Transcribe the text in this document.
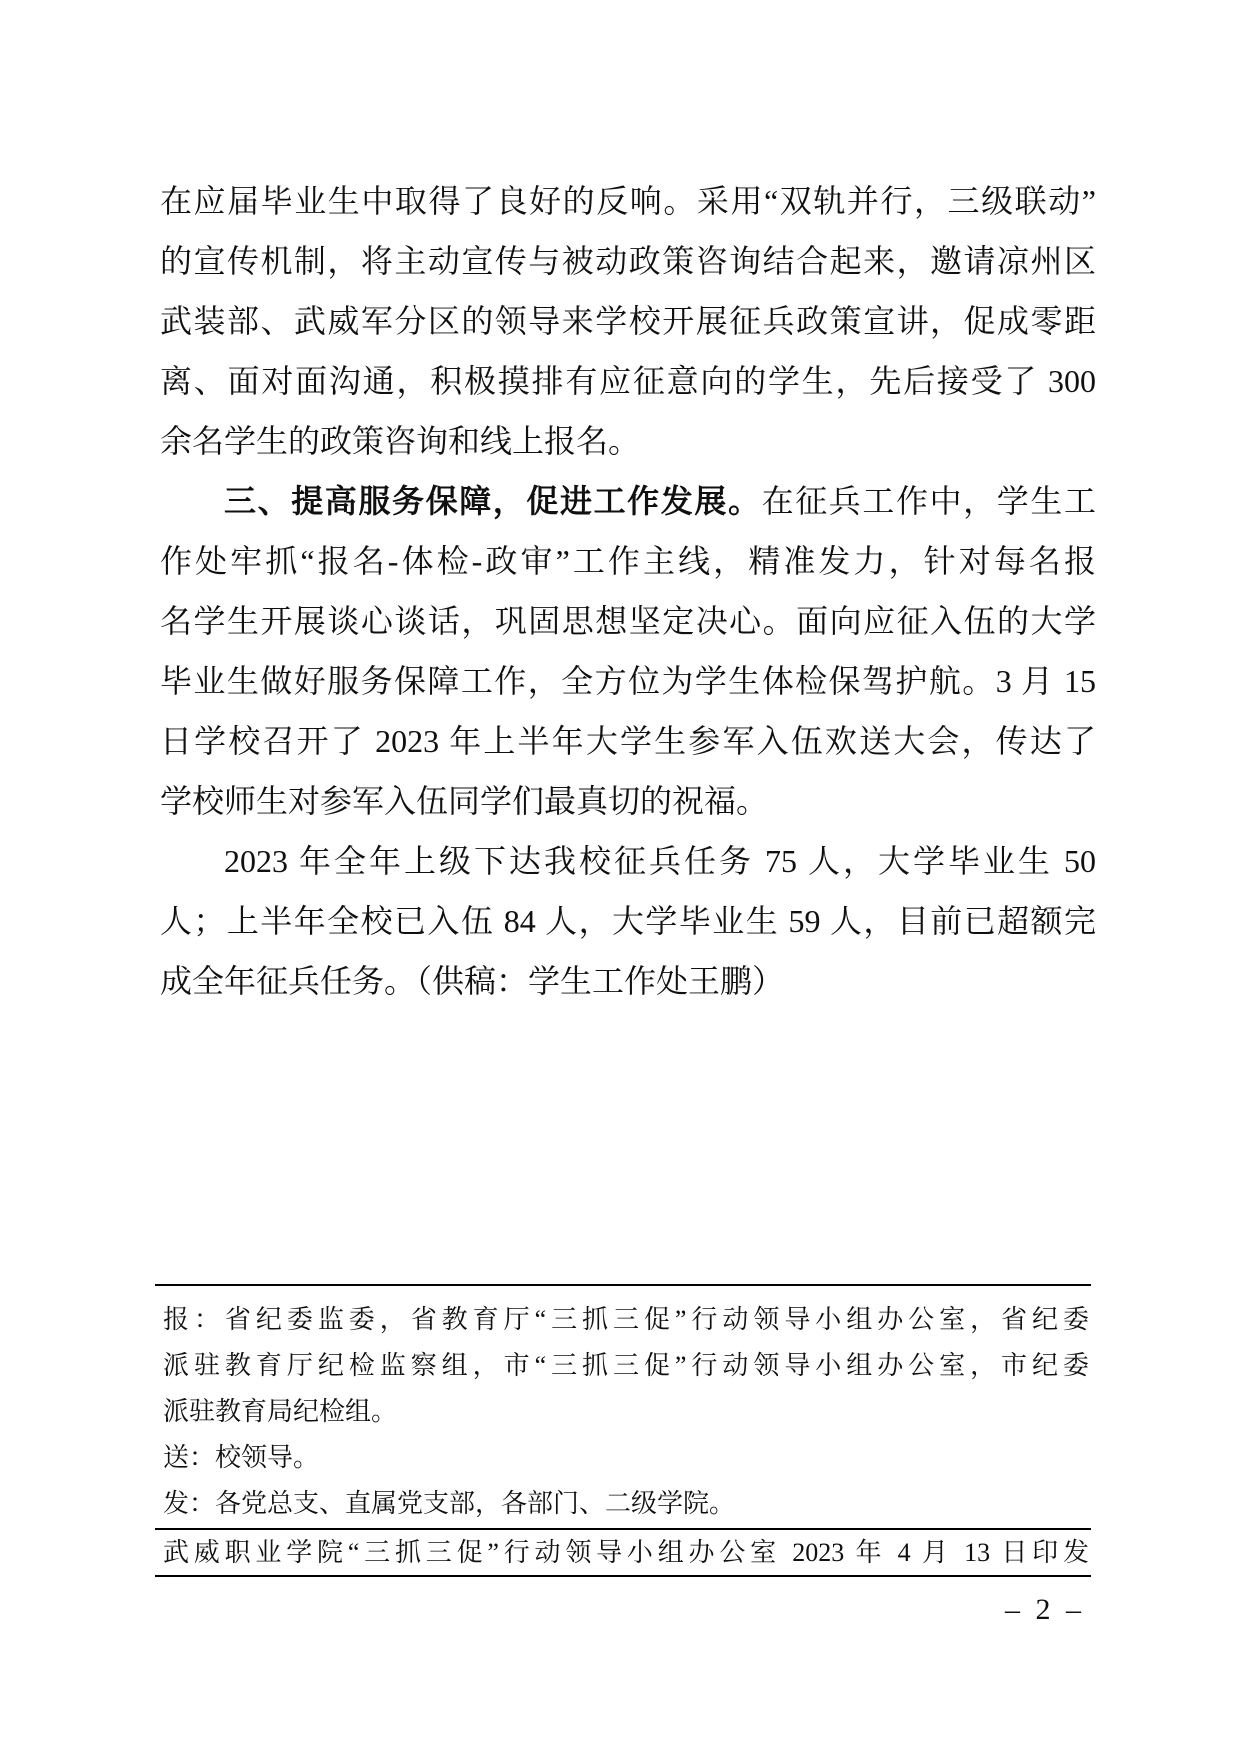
在应届毕业生中取得了良好的反响。采用“双轨并行，三级联动”
的宣传机制，将主动宣传与被动政策咨询结合起来，邀请凉州区
武装部、武威军分区的领导来学校开展征兵政策宣讲，促成零距
离、面对面沟通，积极摸排有应征意向的学生，先后接受了 300
余名学生的政策咨询和线上报名。
三、提高服务保障，促进工作发展。在征兵工作中，学生工
作处牢抓“报名-体检-政审”工作主线，精准发力，针对每名报
名学生开展谈心谈话，巩固思想坚定决心。面向应征入伍的大学
毕业生做好服务保障工作，全方位为学生体检保驾护航。3 月 15
日学校召开了 2023 年上半年大学生参军入伍欢送大会，传达了
学校师生对参军入伍同学们最真切的祝福。
2023 年全年上级下达我校征兵任务 75 人，大学毕业生 50
人；上半年全校已入伍 84 人，大学毕业生 59 人，目前已超额完
成全年征兵任务。（供稿：学生工作处王鹏）
报：省纪委监委，省教育厅“三抓三促”行动领导小组办公室，省纪委
派驻教育厅纪检监察组，市“三抓三促”行动领导小组办公室，市纪委
派驻教育局纪检组。
送：校领导。
发：各党总支、直属党支部，各部门、二级学院。
武威职业学院“三抓三促”行动领导小组办公室 2023 年 4 月 13 日印发
– 2 –
